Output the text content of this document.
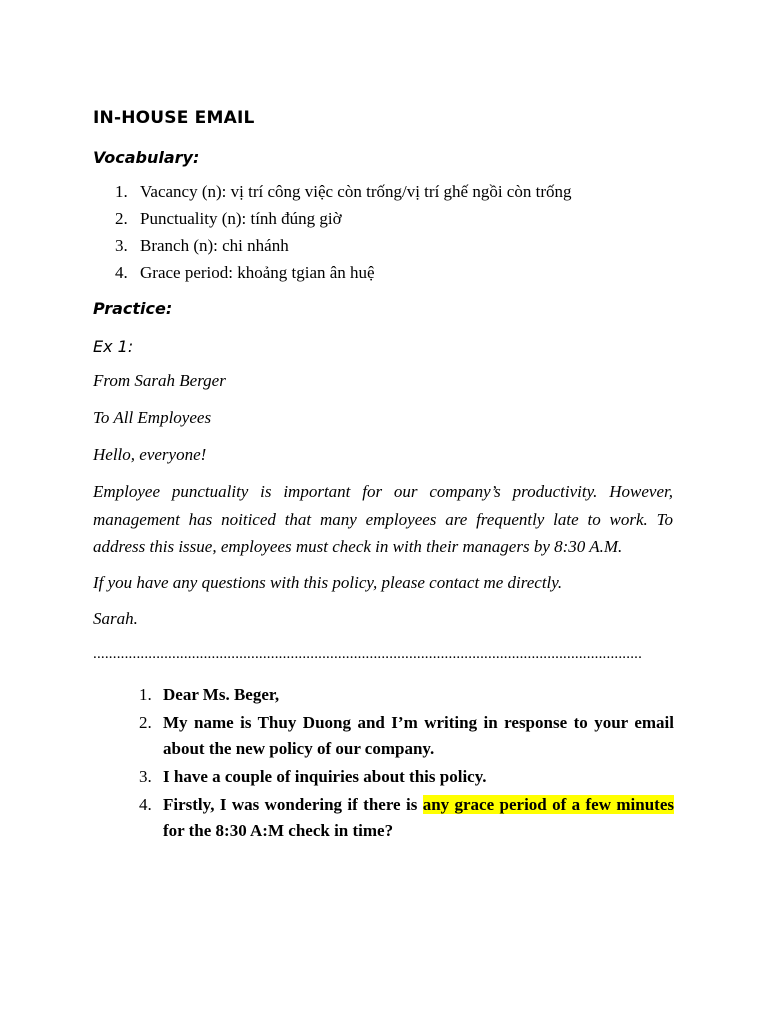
IN-HOUSE EMAIL
Vocabulary:
1. Vacancy (n): vị trí công việc còn trống/vị trí ghế ngồi còn trống
2. Punctuality (n): tính đúng giờ
3. Branch (n): chi nhánh
4. Grace period: khoảng tgian ân huệ
Practice:
Ex 1:
From Sarah Berger
To All Employees
Hello, everyone!
Employee punctuality is important for our company’s productivity. However, management has noiticed that many employees are frequently late to work. To address this issue, employees must check in with their managers by 8:30 A.M.
If you have any questions with this policy, please contact me directly.
Sarah.
...........................................................................................................................................
1. Dear Ms. Beger,
2. My name is Thuy Duong and I’m writing in response to your email about the new policy of our company.
3. I have a couple of inquiries about this policy.
4. Firstly, I was wondering if there is any grace period of a few minutes for the 8:30 A:M check in time?
